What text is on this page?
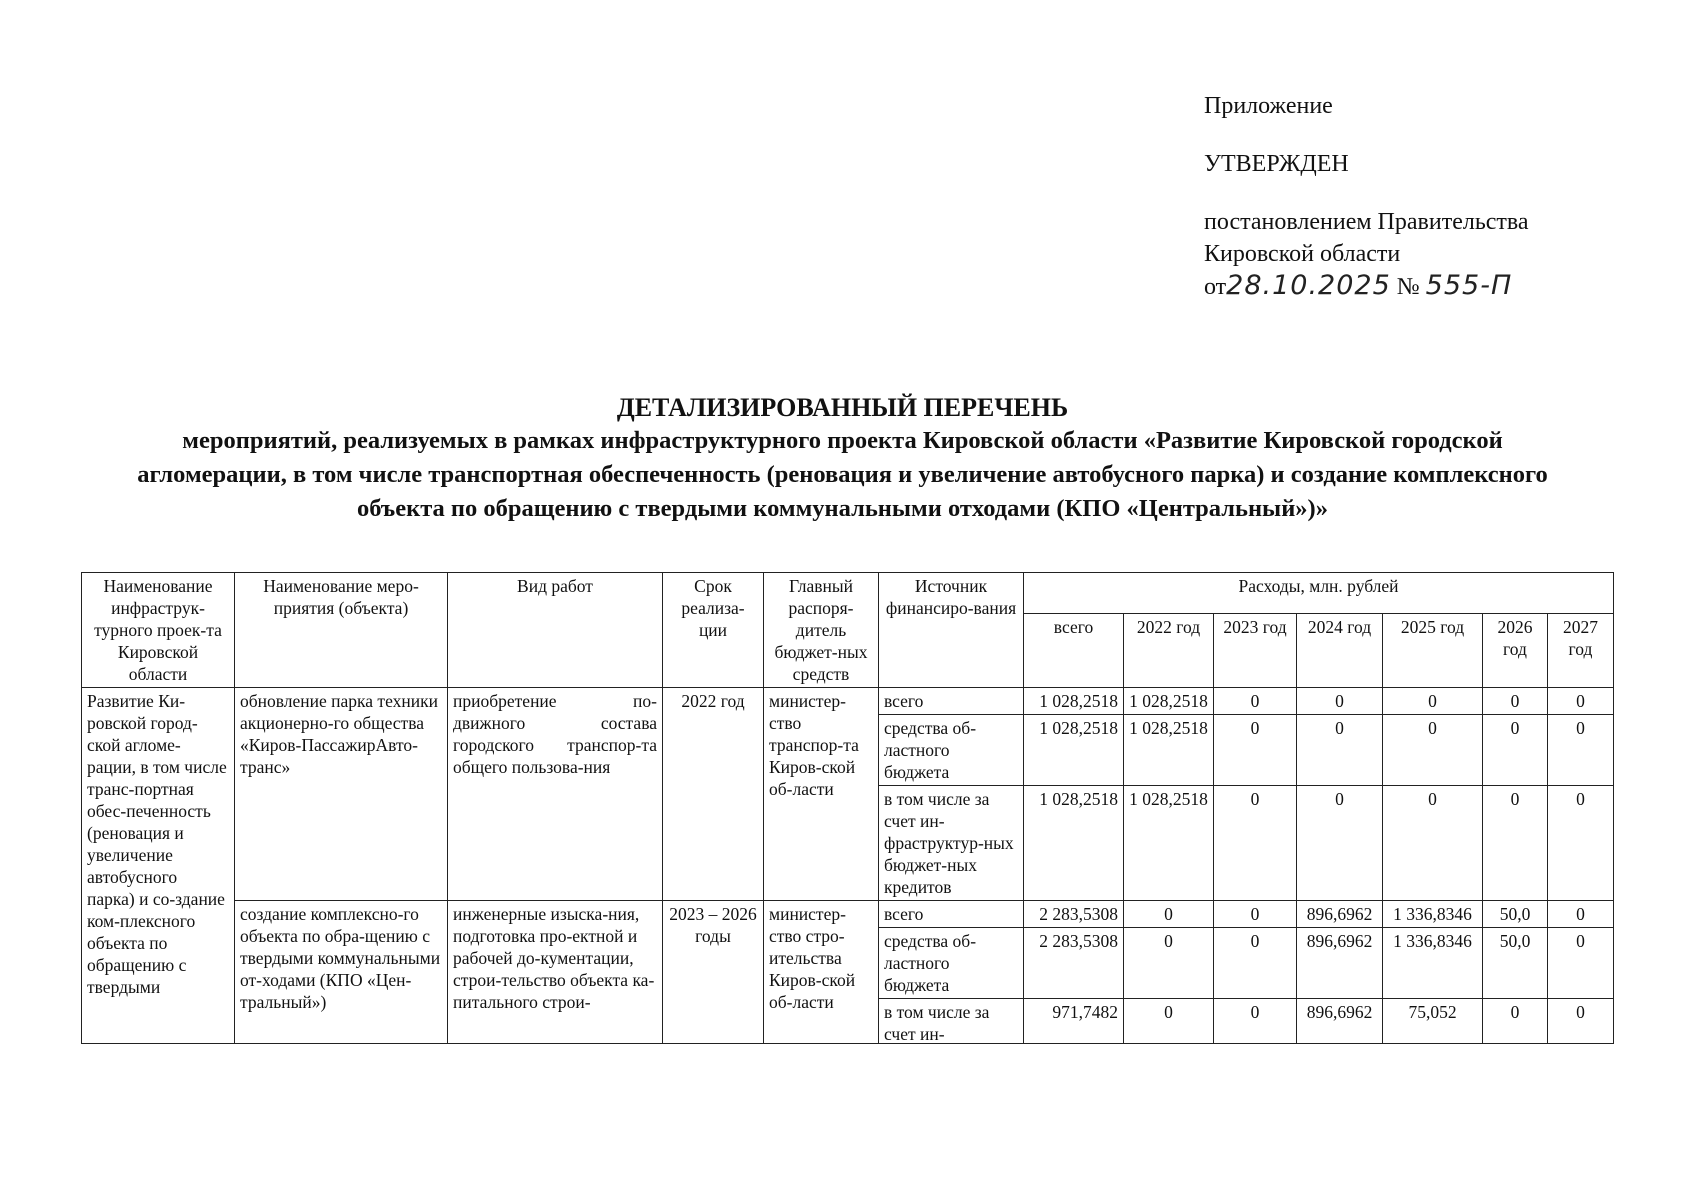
Приложение
УТВЕРЖДЕН
постановлением Правительства
Кировской области
от28.10.2025 № 555-П
ДЕТАЛИЗИРОВАННЫЙ ПЕРЕЧЕНЬ
мероприятий, реализуемых в рамках инфраструктурного проекта Кировской области «Развитие Кировской городской агломерации, в том числе транспортная обеспеченность (реновация и увеличение автобусного парка) и создание комплексного объекта по обращению с твердыми коммунальными отходами (КПО «Центральный»)»
Наименование инфраструк-турного проек-та Кировской области	Наименование меро-приятия (объекта)	Вид работ	Срок реализа-ции	Главный распоря-дитель бюджет-ных средств	Источник финансиро-вания	Расходы, млн. рублей						
						всего	2022 год	2023 год	2024 год	2025 год	2026 год	2027 год
Развитие Ки-ровской город-ской агломе-рации, в том числе транс-портная обес-печенность (реновация и увеличение автобусного парка) и со-здание ком-плексного объекта по обращению с твердыми	обновление парка техники акционерно-го общества «Киров-ПассажирАвто-транс»	приобретение по-движного состава городского транспор-та общего пользова-ния	2022 год	министер-ство транспор-та Киров-ской об-ласти	всего	1 028,2518	1 028,2518	0	0	0	0	0
					средства об-ластного бюджета	1 028,2518	1 028,2518	0	0	0	0	0
					в том числе за счет ин-фраструктур-ных бюджет-ных кредитов	1 028,2518	1 028,2518	0	0	0	0	0
	создание комплексно-го объекта по обра-щению с твердыми коммунальными от-ходами (КПО «Цен-тральный»)	инженерные изыска-ния, подготовка про-ектной и рабочей до-кументации, строи-тельство объекта ка-питального строи-	2023 – 2026 годы	министер-ство стро-ительства Киров-ской об-ласти	всего	2 283,5308	0	0	896,6962	1 336,8346	50,0	0
					средства об-ластного бюджета	2 283,5308	0	0	896,6962	1 336,8346	50,0	0

					в том числе за счет ин-	971,7482	0	0	896,6962	75,052	0	0
